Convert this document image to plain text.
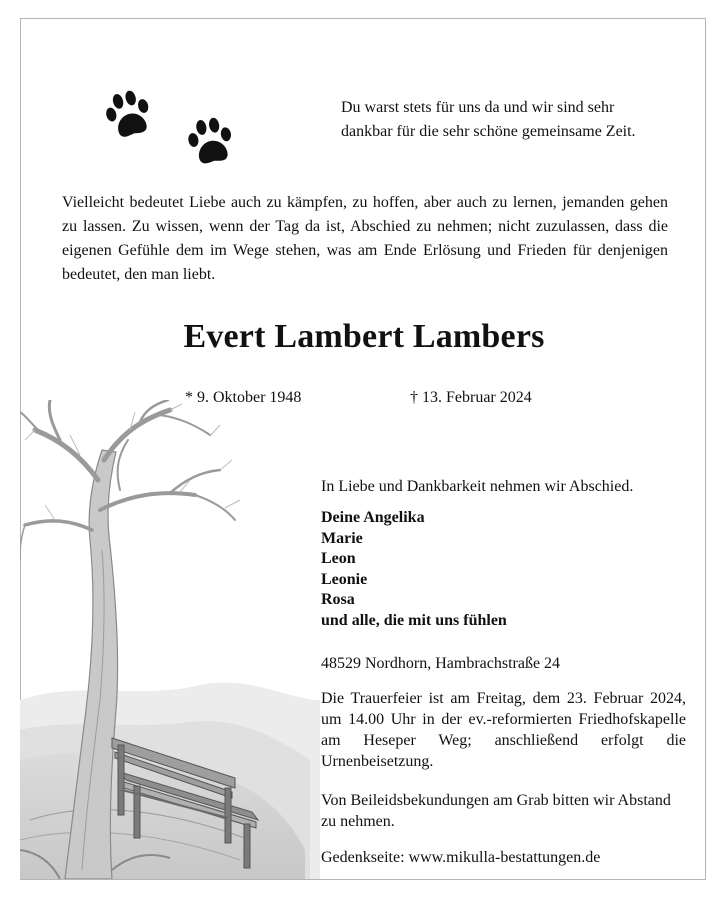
Du warst stets für uns da und wir sind sehr
dankbar für die sehr schöne gemeinsame Zeit.
Vielleicht bedeutet Liebe auch zu kämpfen, zu hoffen, aber auch zu lernen, jemanden gehen zu lassen. Zu wissen, wenn der Tag da ist, Abschied zu nehmen; nicht zuzulassen, dass die eigenen Gefühle dem im Wege stehen, was am Ende Erlösung und Frieden für denjenigen bedeutet, den man liebt.
Evert Lambert Lambers
* 9. Oktober 1948	† 13. Februar 2024
In Liebe und Dankbarkeit nehmen wir Abschied.
Deine Angelika
Marie
Leon
Leonie
Rosa
und alle, die mit uns fühlen
48529 Nordhorn, Hambrachstraße 24
Die Trauerfeier ist am Freitag, dem 23. Februar 2024, um 14.00 Uhr in der ev.-reformierten Friedhofskapelle am Heseper Weg; anschließend erfolgt die Urnenbeisetzung.
Von Beileidsbekundungen am Grab bitten wir Abstand zu nehmen.
Gedenkseite: www.mikulla-bestattungen.de
